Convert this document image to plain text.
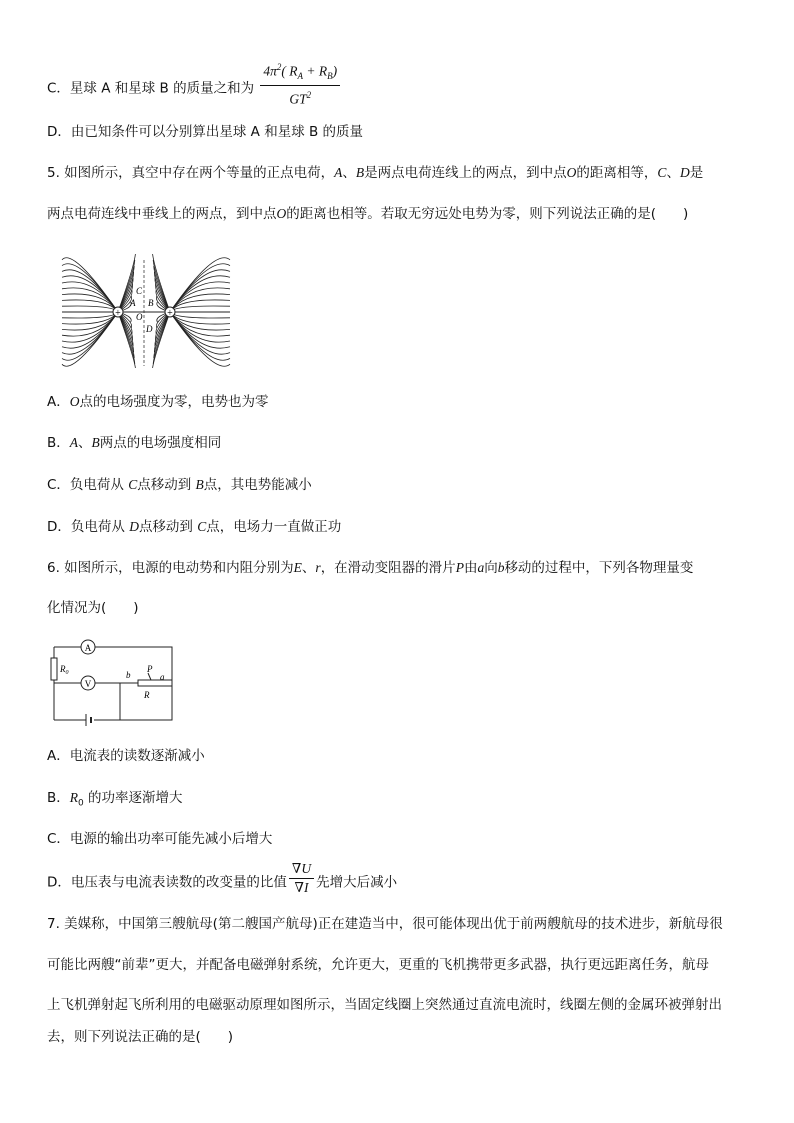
C．星球 A 和星球 B 的质量之和为 $\frac{4\pi^2( R_A + R_B)}{GT^2}$
D．由已知条件可以分别算出星球 A 和星球 B 的质量
5. 如图所示，真空中存在两个等量的正点电荷，A、B是两点电荷连线上的两点，到中点O的距离相等，C、D是
两点电荷连线中垂线上的两点，到中点O的距离也相等。若取无穷远处电势为零，则下列说法正确的是(　　)
+	+
C
B
A
O
D
A．O点的电场强度为零，电势也为零
B．A、B两点的电场强度相同
C．负电荷从 C点移动到 B点，其电势能减小
D．负电荷从 D点移动到 C点，电场力一直做正功
6. 如图所示，电源的电动势和内阻分别为E、r，在滑动变阻器的滑片P由a向b移动的过程中，下列各物理量变
化情况为(　　)
A
V
$R_0$	b
P
a
R
A．电流表的读数逐渐减小
B．$R_0$ 的功率逐渐增大
C．电源的输出功率可能先减小后增大
D．电压表与电流表读数的改变量的比值 $\frac{\nabla U}{\nabla I}$ 先增大后减小
7. 美媒称，中国第三艘航母(第二艘国产航母)正在建造当中，很可能体现出优于前两艘航母的技术进步，新航母很
可能比两艘“前辈”更大，并配备电磁弹射系统，允许更大，更重的飞机携带更多武器，执行更远距离任务，航母
上飞机弹射起飞所利用的电磁驱动原理如图所示，当固定线圈上突然通过直流电流时，线圈左侧的金属环被弹射出
去，则下列说法正确的是(　　)
